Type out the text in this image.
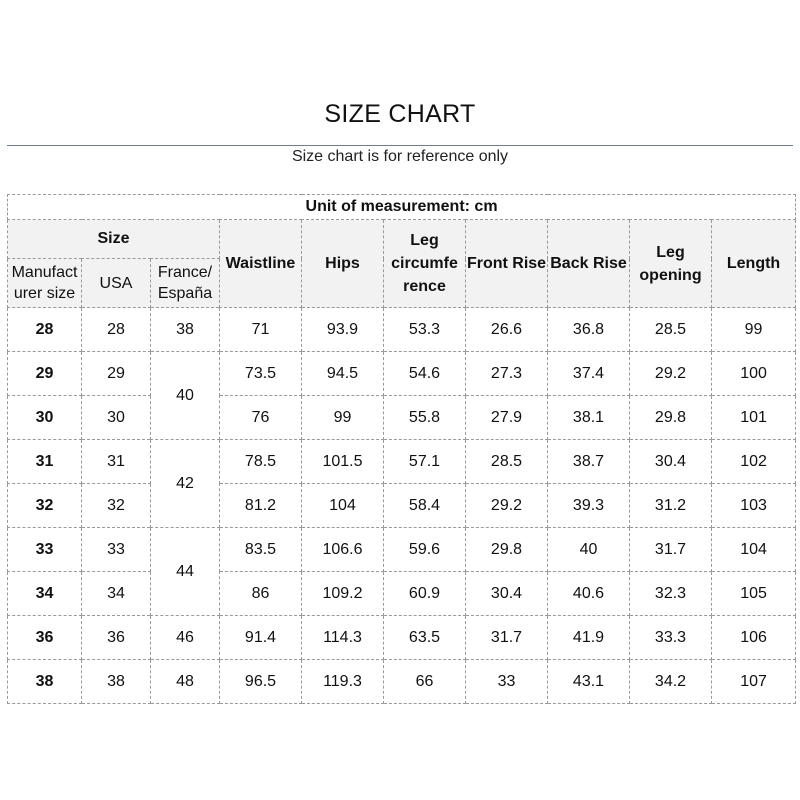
SIZE CHART
Size chart is for reference only
Unit of measurement: cm									
Size			Waistline	Hips	Leg circumfe rence	Front Rise	Back Rise	Leg opening	Length
Manufact urer size	USA	France/ España							
28	28	38	71	93.9	53.3	26.6	36.8	28.5	99
29	29	40	73.5	94.5	54.6	27.3	37.4	29.2	100
30	30		76	99	55.8	27.9	38.1	29.8	101
31	31	42	78.5	101.5	57.1	28.5	38.7	30.4	102
32	32		81.2	104	58.4	29.2	39.3	31.2	103
33	33	44	83.5	106.6	59.6	29.8	40	31.7	104
34	34		86	109.2	60.9	30.4	40.6	32.3	105
36	36	46	91.4	114.3	63.5	31.7	41.9	33.3	106
38	38	48	96.5	119.3	66	33	43.1	34.2	107
